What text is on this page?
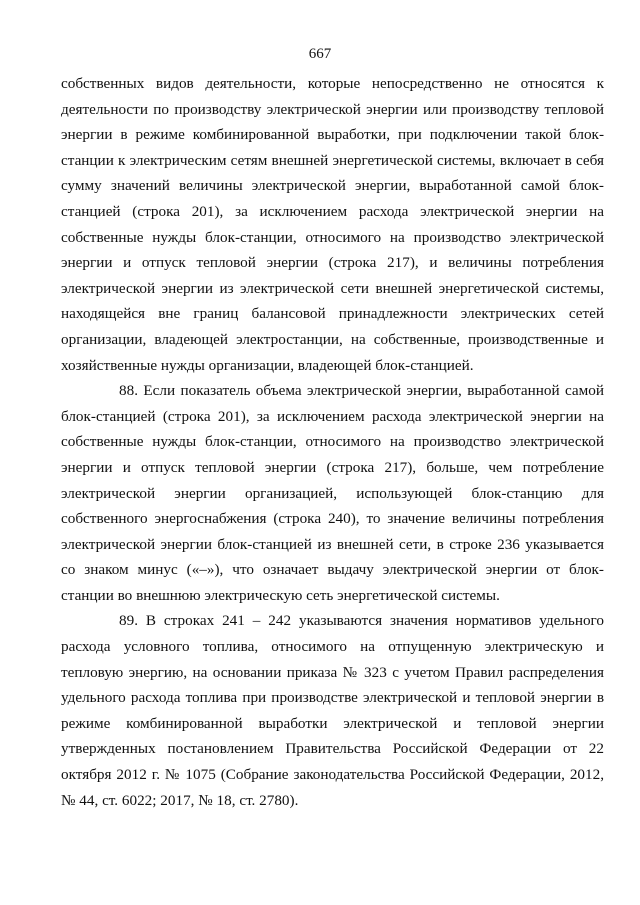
667

собственных видов деятельности, которые непосредственно не относятся к деятельности по производству электрической энергии или производству тепловой энергии в режиме комбинированной выработки, при подключении такой блок-станции к электрическим сетям внешней энергетической системы, включает в себя сумму значений величины электрической энергии, выработанной самой блок-станцией (строка 201), за исключением расхода электрической энергии на собственные нужды блок-станции, относимого на производство электрической энергии и отпуск тепловой энергии (строка 217), и величины потребления электрической энергии из электрической сети внешней энергетической системы, находящейся вне границ балансовой принадлежности электрических сетей организации, владеющей электростанции, на собственные, производственные и хозяйственные нужды организации, владеющей блок-станцией.

88. Если показатель объема электрической энергии, выработанной самой блок-станцией (строка 201), за исключением расхода электрической энергии на собственные нужды блок-станции, относимого на производство электрической энергии и отпуск тепловой энергии (строка 217), больше, чем потребление электрической энергии организацией, использующей блок-станцию для собственного энергоснабжения (строка 240), то значение величины потребления электрической энергии блок-станцией из внешней сети, в строке 236 указывается со знаком минус («–»), что означает выдачу электрической энергии от блок-станции во внешнюю электрическую сеть энергетической системы.

89. В строках 241 – 242 указываются значения нормативов удельного расхода условного топлива, относимого на отпущенную электрическую и тепловую энергию, на основании приказа № 323 с учетом Правил распределения удельного расхода топлива при производстве электрической и тепловой энергии в режиме комбинированной выработки электрической и тепловой энергии утвержденных постановлением Правительства Российской Федерации от 22 октября 2012 г. № 1075 (Собрание законодательства Российской Федерации, 2012, № 44, ст. 6022; 2017, № 18, ст. 2780).
